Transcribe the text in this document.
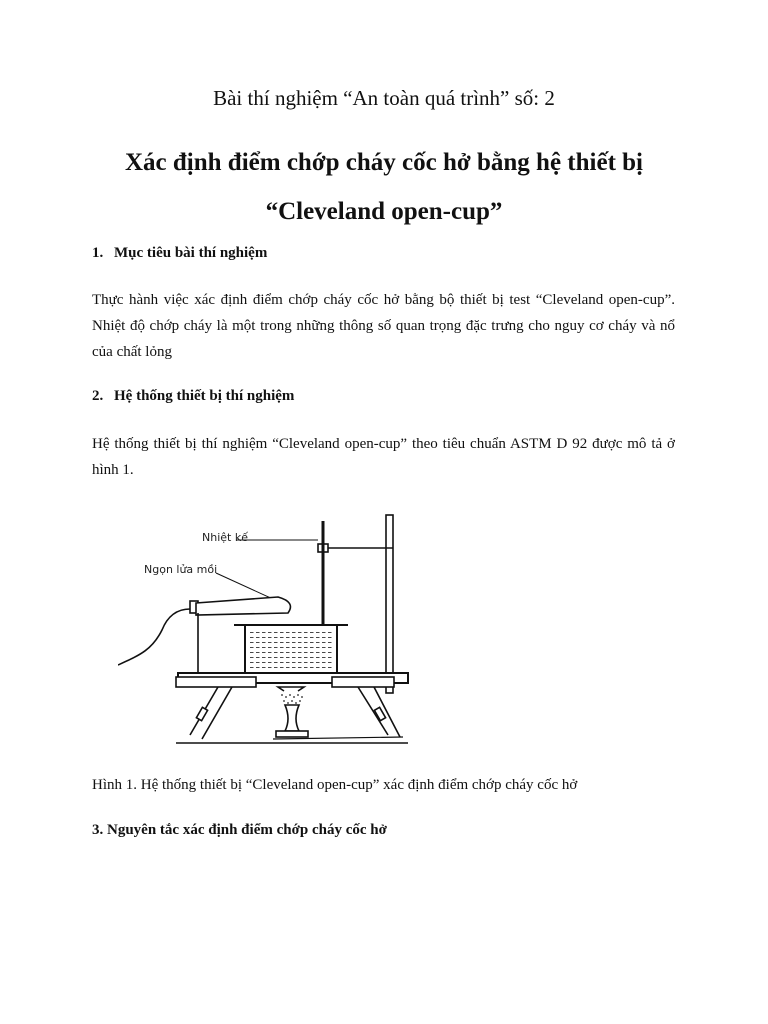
Bài thí nghiệm “An toàn quá trình” số: 2
Xác định điểm chớp cháy cốc hở bằng hệ thiết bị
“Cleveland open-cup”
1. Mục tiêu bài thí nghiệm
Thực hành việc xác định điểm chớp cháy cốc hở bằng bộ thiết bị test “Cleveland open-cup”. Nhiệt độ chớp cháy là một trong những thông số quan trọng đặc trưng cho nguy cơ cháy và nổ của chất lỏng
2. Hệ thống thiết bị thí nghiệm
Hệ thống thiết bị thí nghiệm “Cleveland open-cup” theo tiêu chuẩn ASTM D 92 được mô tả ở hình 1.
Nhiệt kế
Ngọn lửa mồi
Hình 1. Hệ thống thiết bị “Cleveland open-cup” xác định điểm chớp cháy cốc hở
3. Nguyên tắc xác định điểm chớp cháy cốc hở
